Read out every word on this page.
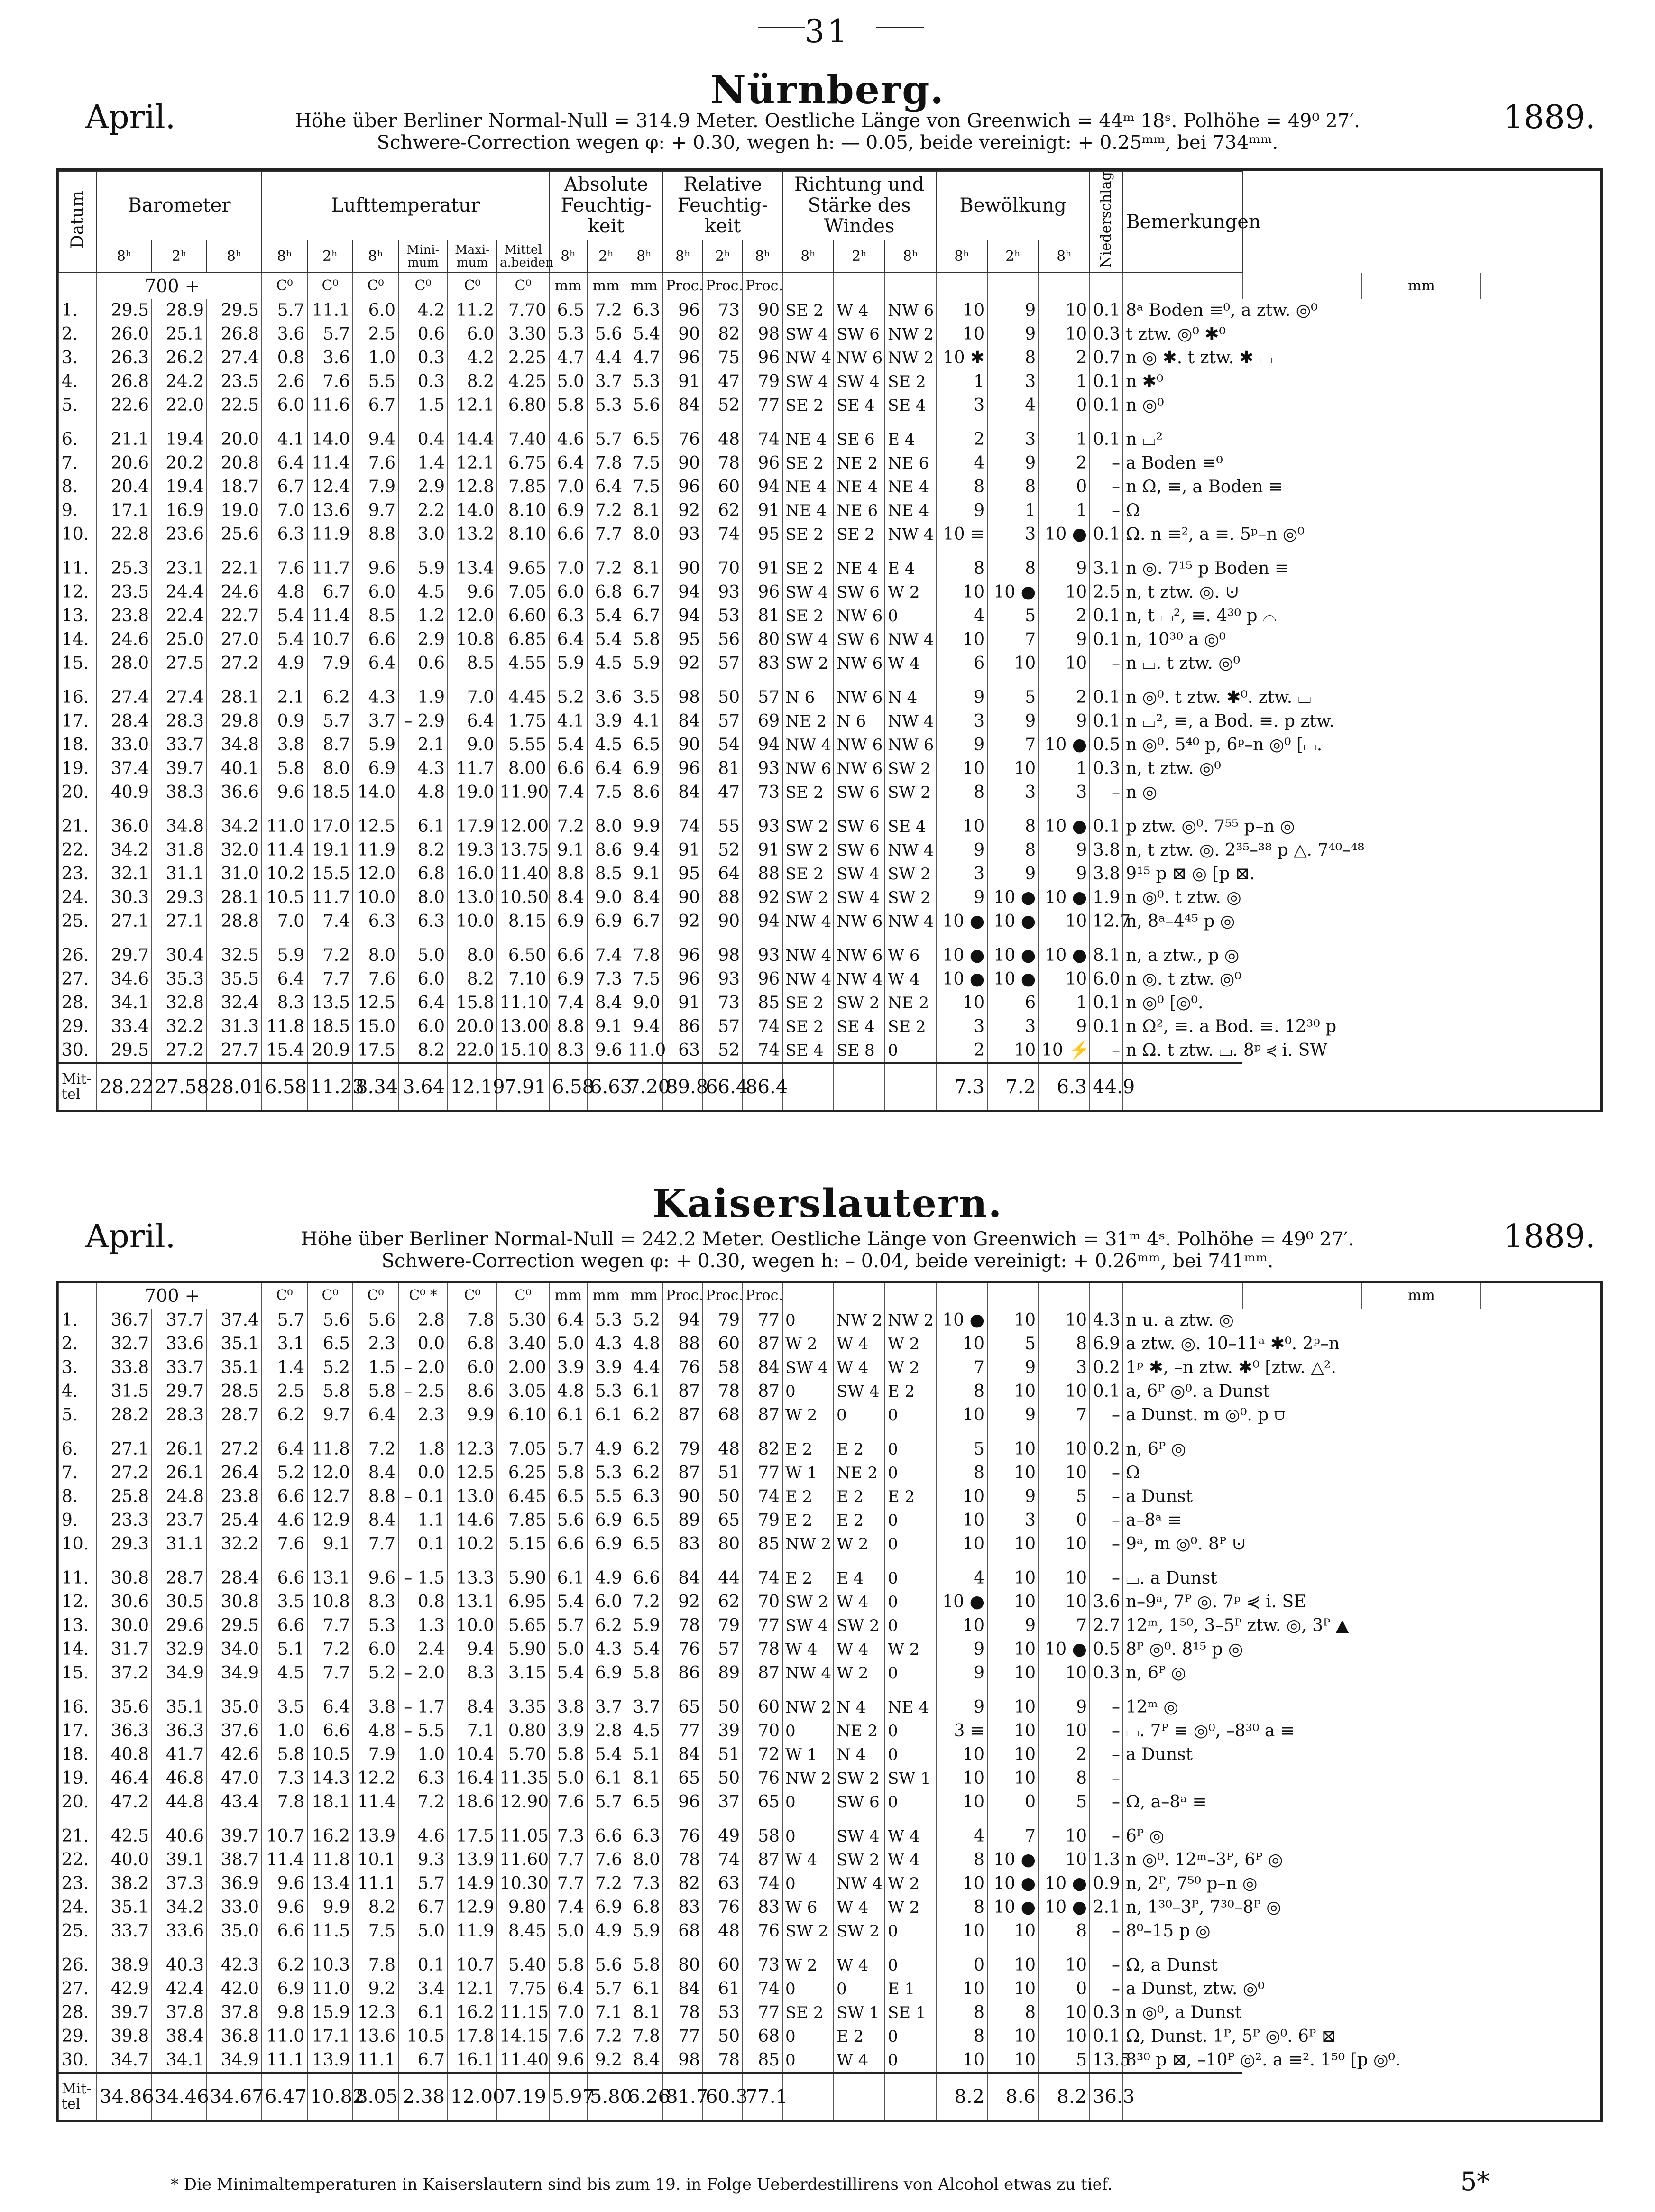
31
Nürnberg.
April.	1889.
Höhe über Berliner Normal-Null = 314.9 Meter. Oestliche Länge von Greenwich = 44ᵐ 18ˢ. Polhöhe = 49⁰ 27′.
Schwere-Correction wegen φ: + 0.30, wegen h: — 0.05, beide vereinigt: + 0.25ᵐᵐ, bei 734ᵐᵐ.
Datum	Barometer			Lufttemperatur						Absolute Feuchtig-keit			Relative Feuchtig-keit			Richtung und Stärke des Windes			Bewölkung			Niederschlag	Bemerkungen			
	8ʰ	2ʰ	8ʰ	8ʰ	2ʰ	8ʰ	Mini-mum	Maxi-mum	Mittel a.beiden	8ʰ	2ʰ	8ʰ	8ʰ	2ʰ	8ʰ	8ʰ	2ʰ	8ʰ	8ʰ	2ʰ	8ʰ					
	700 +			C⁰	C⁰	C⁰	C⁰	C⁰	C⁰	mm	mm	mm	Proc.	Proc.	Proc.										mm	
1.	29.5	28.9	29.5	5.7	11.1	6.0	4.2	11.2	7.70	6.5	7.2	6.3	96	73	90	SE 2	W 4	NW 6	10	9	10	0.1	8ᵃ Boden ≡⁰, a ztw. ◎⁰			
2.	26.0	25.1	26.8	3.6	5.7	2.5	0.6	6.0	3.30	5.3	5.6	5.4	90	82	98	SW 4	SW 6	NW 2	10	9	10	0.3	t ztw. ◎⁰ ✱⁰			
3.	26.3	26.2	27.4	0.8	3.6	1.0	0.3	4.2	2.25	4.7	4.4	4.7	96	75	96	NW 4	NW 6	NW 2	10 ✱	8	2	0.7	n ◎ ✱. t ztw. ✱ ⌴			
4.	26.8	24.2	23.5	2.6	7.6	5.5	0.3	8.2	4.25	5.0	3.7	5.3	91	47	79	SW 4	SW 4	SE 2	1	3	1	0.1	n ✱⁰			
5.	22.6	22.0	22.5	6.0	11.6	6.7	1.5	12.1	6.80	5.8	5.3	5.6	84	52	77	SE 2	SE 4	SE 4	3	4	0	0.1	n ◎⁰			

6.	21.1	19.4	20.0	4.1	14.0	9.4	0.4	14.4	7.40	4.6	5.7	6.5	76	48	74	NE 4	SE 6	E 4	2	3	1	0.1	n ⌴²			
7.	20.6	20.2	20.8	6.4	11.4	7.6	1.4	12.1	6.75	6.4	7.8	7.5	90	78	96	SE 2	NE 2	NE 6	4	9	2	–	a Boden ≡⁰			
8.	20.4	19.4	18.7	6.7	12.4	7.9	2.9	12.8	7.85	7.0	6.4	7.5	96	60	94	NE 4	NE 4	NE 4	8	8	0	–	n Ω, ≡, a Boden ≡			
9.	17.1	16.9	19.0	7.0	13.6	9.7	2.2	14.0	8.10	6.9	7.2	8.1	92	62	91	NE 4	NE 6	NE 4	9	1	1	–	Ω			
10.	22.8	23.6	25.6	6.3	11.9	8.8	3.0	13.2	8.10	6.6	7.7	8.0	93	74	95	SE 2	SE 2	NW 4	10 ≡	3	10 ●	0.1	Ω. n ≡², a ≡. 5ᵖ–n ◎⁰			

11.	25.3	23.1	22.1	7.6	11.7	9.6	5.9	13.4	9.65	7.0	7.2	8.1	90	70	91	SE 2	NE 4	E 4	8	8	9	3.1	n ◎. 7¹⁵ p Boden ≡			
12.	23.5	24.4	24.6	4.8	6.7	6.0	4.5	9.6	7.05	6.0	6.8	6.7	94	93	96	SW 4	SW 6	W 2	10	10 ●	10	2.5	n, t ztw. ◎. ⊍			
13.	23.8	22.4	22.7	5.4	11.4	8.5	1.2	12.0	6.60	6.3	5.4	6.7	94	53	81	SE 2	NW 6	0	4	5	2	0.1	n, t ⌴², ≡. 4³⁰ p ⌒			
14.	24.6	25.0	27.0	5.4	10.7	6.6	2.9	10.8	6.85	6.4	5.4	5.8	95	56	80	SW 4	SW 6	NW 4	10	7	9	0.1	n, 10³⁰ a ◎⁰			
15.	28.0	27.5	27.2	4.9	7.9	6.4	0.6	8.5	4.55	5.9	4.5	5.9	92	57	83	SW 2	NW 6	W 4	6	10	10	–	n ⌴. t ztw. ◎⁰			

16.	27.4	27.4	28.1	2.1	6.2	4.3	1.9	7.0	4.45	5.2	3.6	3.5	98	50	57	N 6	NW 6	N 4	9	5	2	0.1	n ◎⁰. t ztw. ✱⁰. ztw. ⌴			
17.	28.4	28.3	29.8	0.9	5.7	3.7	– 2.9	6.4	1.75	4.1	3.9	4.1	84	57	69	NE 2	N 6	NW 4	3	9	9	0.1	n ⌴², ≡, a Bod. ≡. p ztw.			
18.	33.0	33.7	34.8	3.8	8.7	5.9	2.1	9.0	5.55	5.4	4.5	6.5	90	54	94	NW 4	NW 6	NW 6	9	7	10 ●	0.5	n ◎⁰. 5⁴⁰ p, 6ᵖ–n ◎⁰ [⌴.			
19.	37.4	39.7	40.1	5.8	8.0	6.9	4.3	11.7	8.00	6.6	6.4	6.9	96	81	93	NW 6	NW 6	SW 2	10	10	1	0.3	n, t ztw. ◎⁰			
20.	40.9	38.3	36.6	9.6	18.5	14.0	4.8	19.0	11.90	7.4	7.5	8.6	84	47	73	SE 2	SW 6	SW 2	8	3	3	–	n ◎			

21.	36.0	34.8	34.2	11.0	17.0	12.5	6.1	17.9	12.00	7.2	8.0	9.9	74	55	93	SW 2	SW 6	SE 4	10	8	10 ●	0.1	p ztw. ◎⁰. 7⁵⁵ p–n ◎			
22.	34.2	31.8	32.0	11.4	19.1	11.9	8.2	19.3	13.75	9.1	8.6	9.4	91	52	91	SW 2	SW 6	NW 4	9	8	9	3.8	n, t ztw. ◎. 2³⁵–³⁸ p △. 7⁴⁰–⁴⁸			
23.	32.1	31.1	31.0	10.2	15.5	12.0	6.8	16.0	11.40	8.8	8.5	9.1	95	64	88	SE 2	SW 4	SW 2	3	9	9	3.8	9¹⁵ p ⊠ ◎ [p ⊠.			
24.	30.3	29.3	28.1	10.5	11.7	10.0	8.0	13.0	10.50	8.4	9.0	8.4	90	88	92	SW 2	SW 4	SW 2	9	10 ●	10 ●	1.9	n ◎⁰. t ztw. ◎			
25.	27.1	27.1	28.8	7.0	7.4	6.3	6.3	10.0	8.15	6.9	6.9	6.7	92	90	94	NW 4	NW 6	NW 4	10 ●	10 ●	10	12.7	n, 8ᵃ–4⁴⁵ p ◎			

26.	29.7	30.4	32.5	5.9	7.2	8.0	5.0	8.0	6.50	6.6	7.4	7.8	96	98	93	NW 4	NW 6	W 6	10 ●	10 ●	10 ●	8.1	n, a ztw., p ◎			
27.	34.6	35.3	35.5	6.4	7.7	7.6	6.0	8.2	7.10	6.9	7.3	7.5	96	93	96	NW 4	NW 4	W 4	10 ●	10 ●	10	6.0	n ◎. t ztw. ◎⁰			
28.	34.1	32.8	32.4	8.3	13.5	12.5	6.4	15.8	11.10	7.4	8.4	9.0	91	73	85	SE 2	SW 2	NE 2	10	6	1	0.1	n ◎⁰ [◎⁰.			
29.	33.4	32.2	31.3	11.8	18.5	15.0	6.0	20.0	13.00	8.8	9.1	9.4	86	57	74	SE 2	SE 4	SE 2	3	3	9	0.1	n Ω², ≡. a Bod. ≡. 12³⁰ p			
30.	29.5	27.2	27.7	15.4	20.9	17.5	8.2	22.0	15.10	8.3	9.6	11.0	63	52	74	SE 4	SE 8	0	2	10	10 ⚡	–	n Ω. t ztw. ⌴. 8ᵖ ⋞ i. SW			
Mit-tel	28.22	27.58	28.01	6.58	11.23	8.34	3.64	12.19	7.91	6.58	6.63	7.20	89.8	66.4	86.4				7.3	7.2	6.3	44.9				
Kaiserslautern.
April.	1889.
Höhe über Berliner Normal-Null = 242.2 Meter. Oestliche Länge von Greenwich = 31ᵐ 4ˢ. Polhöhe = 49⁰ 27′.
Schwere-Correction wegen φ: + 0.30, wegen h: – 0.04, beide vereinigt: + 0.26ᵐᵐ, bei 741ᵐᵐ.
	700 +			C⁰	C⁰	C⁰	C⁰ *	C⁰	C⁰	mm	mm	mm	Proc.	Proc.	Proc.										mm	
1.	36.7	37.7	37.4	5.7	5.6	5.6	2.8	7.8	5.30	6.4	5.3	5.2	94	79	77	0	NW 2	NW 2	10 ●	10	10	4.3	n u. a ztw. ◎			
2.	32.7	33.6	35.1	3.1	6.5	2.3	0.0	6.8	3.40	5.0	4.3	4.8	88	60	87	W 2	W 4	W 2	10	5	8	6.9	a ztw. ◎. 10–11ᵃ ✱⁰. 2ᵖ–n			
3.	33.8	33.7	35.1	1.4	5.2	1.5	– 2.0	6.0	2.00	3.9	3.9	4.4	76	58	84	SW 4	W 4	W 2	7	9	3	0.2	1ᵖ ✱, –n ztw. ✱⁰ [ztw. △².			
4.	31.5	29.7	28.5	2.5	5.8	5.8	– 2.5	8.6	3.05	4.8	5.3	6.1	87	78	87	0	SW 4	E 2	8	10	10	0.1	a, 6ᴾ ◎⁰. a Dunst			
5.	28.2	28.3	28.7	6.2	9.7	6.4	2.3	9.9	6.10	6.1	6.1	6.2	87	68	87	W 2	0	0	10	9	7	–	a Dunst. m ◎⁰. p ⩌			

6.	27.1	26.1	27.2	6.4	11.8	7.2	1.8	12.3	7.05	5.7	4.9	6.2	79	48	82	E 2	E 2	0	5	10	10	0.2	n, 6ᴾ ◎			
7.	27.2	26.1	26.4	5.2	12.0	8.4	0.0	12.5	6.25	5.8	5.3	6.2	87	51	77	W 1	NE 2	0	8	10	10	–	Ω			
8.	25.8	24.8	23.8	6.6	12.7	8.8	– 0.1	13.0	6.45	6.5	5.5	6.3	90	50	74	E 2	E 2	E 2	10	9	5	–	a Dunst			
9.	23.3	23.7	25.4	4.6	12.9	8.4	1.1	14.6	7.85	5.6	6.9	6.5	89	65	79	E 2	E 2	0	10	3	0	–	a–8ᵃ ≡			
10.	29.3	31.1	32.2	7.6	9.1	7.7	0.1	10.2	5.15	6.6	6.9	6.5	83	80	85	NW 2	W 2	0	10	10	10	–	9ᵃ, m ◎⁰. 8ᴾ ⊍			

11.	30.8	28.7	28.4	6.6	13.1	9.6	– 1.5	13.3	5.90	6.1	4.9	6.6	84	44	74	E 2	E 4	0	4	10	10	–	⌴. a Dunst			
12.	30.6	30.5	30.8	3.5	10.8	8.3	0.8	13.1	6.95	5.4	6.0	7.2	92	62	70	SW 2	W 4	0	10 ●	10	10	3.6	n–9ᵃ, 7ᴾ ◎. 7ᵖ ⋞ i. SE			
13.	30.0	29.6	29.5	6.6	7.7	5.3	1.3	10.0	5.65	5.7	6.2	5.9	78	79	77	SW 4	SW 2	0	10	9	7	2.7	12ᵐ, 1⁵⁰, 3–5ᴾ ztw. ◎, 3ᴾ ▲			
14.	31.7	32.9	34.0	5.1	7.2	6.0	2.4	9.4	5.90	5.0	4.3	5.4	76	57	78	W 4	W 4	W 2	9	10	10 ●	0.5	8ᴾ ◎⁰. 8¹⁵ p ◎			
15.	37.2	34.9	34.9	4.5	7.7	5.2	– 2.0	8.3	3.15	5.4	6.9	5.8	86	89	87	NW 4	W 2	0	9	10	10	0.3	n, 6ᴾ ◎			

16.	35.6	35.1	35.0	3.5	6.4	3.8	– 1.7	8.4	3.35	3.8	3.7	3.7	65	50	60	NW 2	N 4	NE 4	9	10	9	–	12ᵐ ◎			
17.	36.3	36.3	37.6	1.0	6.6	4.8	– 5.5	7.1	0.80	3.9	2.8	4.5	77	39	70	0	NE 2	0	3 ≡	10	10	–	⌴. 7ᴾ ≡ ◎⁰, –8³⁰ a ≡			
18.	40.8	41.7	42.6	5.8	10.5	7.9	1.0	10.4	5.70	5.8	5.4	5.1	84	51	72	W 1	N 4	0	10	10	2	–	a Dunst			
19.	46.4	46.8	47.0	7.3	14.3	12.2	6.3	16.4	11.35	5.0	6.1	8.1	65	50	76	NW 2	SW 2	SW 1	10	10	8	–				
20.	47.2	44.8	43.4	7.8	18.1	11.4	7.2	18.6	12.90	7.6	5.7	6.5	96	37	65	0	SW 6	0	10	0	5	–	Ω, a–8ᵃ ≡			

21.	42.5	40.6	39.7	10.7	16.2	13.9	4.6	17.5	11.05	7.3	6.6	6.3	76	49	58	0	SW 4	W 4	4	7	10	–	6ᴾ ◎			
22.	40.0	39.1	38.7	11.4	11.8	10.1	9.3	13.9	11.60	7.7	7.6	8.0	78	74	87	W 4	SW 2	W 4	8	10 ●	10	1.3	n ◎⁰. 12ᵐ–3ᴾ, 6ᴾ ◎			
23.	38.2	37.3	36.9	9.6	13.4	11.1	5.7	14.9	10.30	7.7	7.2	7.3	82	63	74	0	NW 4	W 2	10	10 ●	10 ●	0.9	n, 2ᴾ, 7⁵⁰ p–n ◎			
24.	35.1	34.2	33.0	9.6	9.9	8.2	6.7	12.9	9.80	7.4	6.9	6.8	83	76	83	W 6	W 4	W 2	8	10 ●	10 ●	2.1	n, 1³⁰–3ᴾ, 7³⁰–8ᴾ ◎			
25.	33.7	33.6	35.0	6.6	11.5	7.5	5.0	11.9	8.45	5.0	4.9	5.9	68	48	76	SW 2	SW 2	0	10	10	8	–	8⁰–15 p ◎			

26.	38.9	40.3	42.3	6.2	10.3	7.8	0.1	10.7	5.40	5.8	5.6	5.8	80	60	73	W 2	W 4	0	0	10	10	–	Ω, a Dunst			
27.	42.9	42.4	42.0	6.9	11.0	9.2	3.4	12.1	7.75	6.4	5.7	6.1	84	61	74	0	0	E 1	10	10	0	–	a Dunst, ztw. ◎⁰			
28.	39.7	37.8	37.8	9.8	15.9	12.3	6.1	16.2	11.15	7.0	7.1	8.1	78	53	77	SE 2	SW 1	SE 1	8	8	10	0.3	n ◎⁰, a Dunst			
29.	39.8	38.4	36.8	11.0	17.1	13.6	10.5	17.8	14.15	7.6	7.2	7.8	77	50	68	0	E 2	0	8	10	10	0.1	Ω, Dunst. 1ᴾ, 5ᴾ ◎⁰. 6ᴾ ⊠			
30.	34.7	34.1	34.9	11.1	13.9	11.1	6.7	16.1	11.40	9.6	9.2	8.4	98	78	85	0	W 4	0	10	10	5	13.5	8³⁰ p ⊠, –10ᴾ ◎². a ≡². 1⁵⁰ [p ◎⁰.			
Mit-tel	34.86	34.46	34.67	6.47	10.82	8.05	2.38	12.00	7.19	5.97	5.80	6.26	81.7	60.3	77.1				8.2	8.6	8.2	36.3				
* Die Minimaltemperaturen in Kaiserslautern sind bis zum 19. in Folge Ueberdestillirens von Alcohol etwas zu tief.	5*
